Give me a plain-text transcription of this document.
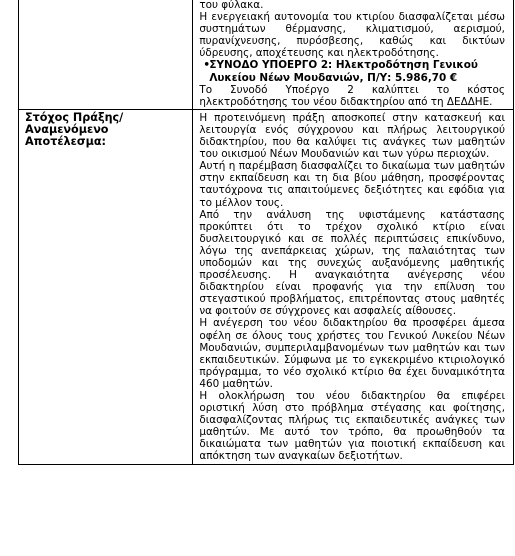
	του φύλακα.

Η ενεργειακή αυτονομία του κτιρίου διασφαλίζεται μέσω συστημάτων θέρμανσης, κλιματισμού, αερισμού, πυρανίχνευσης, πυρόσβεσης, καθώς και δικτύων ύδρευσης, αποχέτευσης και ηλεκτροδότησης.

•ΣΥΝΟΔΟ ΥΠΟΕΡΓΟ 2: Ηλεκτροδότηση Γενικού
Λυκείου Νέων Μουδανιών, Π/Υ: 5.986,70 €

Το Συνοδό Υποέργο 2 καλύπτει το κόστος ηλεκτροδότησης του νέου διδακτηρίου από τη ΔΕΔΔΗΕ.

Στόχος Πράξης/ Αναμενόμενο Αποτέλεσμα:	Η προτεινόμενη πράξη αποσκοπεί στην κατασκευή και λειτουργία ενός σύγχρονου και πλήρως λειτουργικού διδακτηρίου, που θα καλύψει τις ανάγκες των μαθητών του οικισμού Νέων Μουδανιών και των γύρω περιοχών.

Αυτή η παρέμβαση διασφαλίζει το δικαίωμα των μαθητών στην εκπαίδευση και τη δια βίου μάθηση, προσφέροντας ταυτόχρονα τις απαιτούμενες δεξιότητες και εφόδια για το μέλλον τους.

Από την ανάλυση της υφιστάμενης κατάστασης προκύπτει ότι το τρέχον σχολικό κτίριο είναι δυσλειτουργικό και σε πολλές περιπτώσεις επικίνδυνο, λόγω της ανεπάρκειας χώρων, της παλαιότητας των υποδομών και της συνεχώς αυξανόμενης μαθητικής προσέλευσης. Η αναγκαιότητα ανέγερσης νέου διδακτηρίου είναι προφανής για την επίλυση του στεγαστικού προβλήματος, επιτρέποντας στους μαθητές να φοιτούν σε σύγχρονες και ασφαλείς αίθουσες.

Η ανέγερση του νέου διδακτηρίου θα προσφέρει άμεσα οφέλη σε όλους τους χρήστες του Γενικού Λυκείου Νέων Μουδανιών, συμπεριλαμβανομένων των μαθητών και των εκπαιδευτικών. Σύμφωνα με το εγκεκριμένο κτιριολογικό πρόγραμμα, το νέο σχολικό κτίριο θα έχει δυναμικότητα 460 μαθητών.

Η ολοκλήρωση του νέου διδακτηρίου θα επιφέρει οριστική λύση στο πρόβλημα στέγασης και φοίτησης, διασφαλίζοντας πλήρως τις εκπαιδευτικές ανάγκες των μαθητών. Με αυτό τον τρόπο, θα προωθηθούν τα δικαιώματα των μαθητών για ποιοτική εκπαίδευση και απόκτηση των αναγκαίων δεξιοτήτων.
